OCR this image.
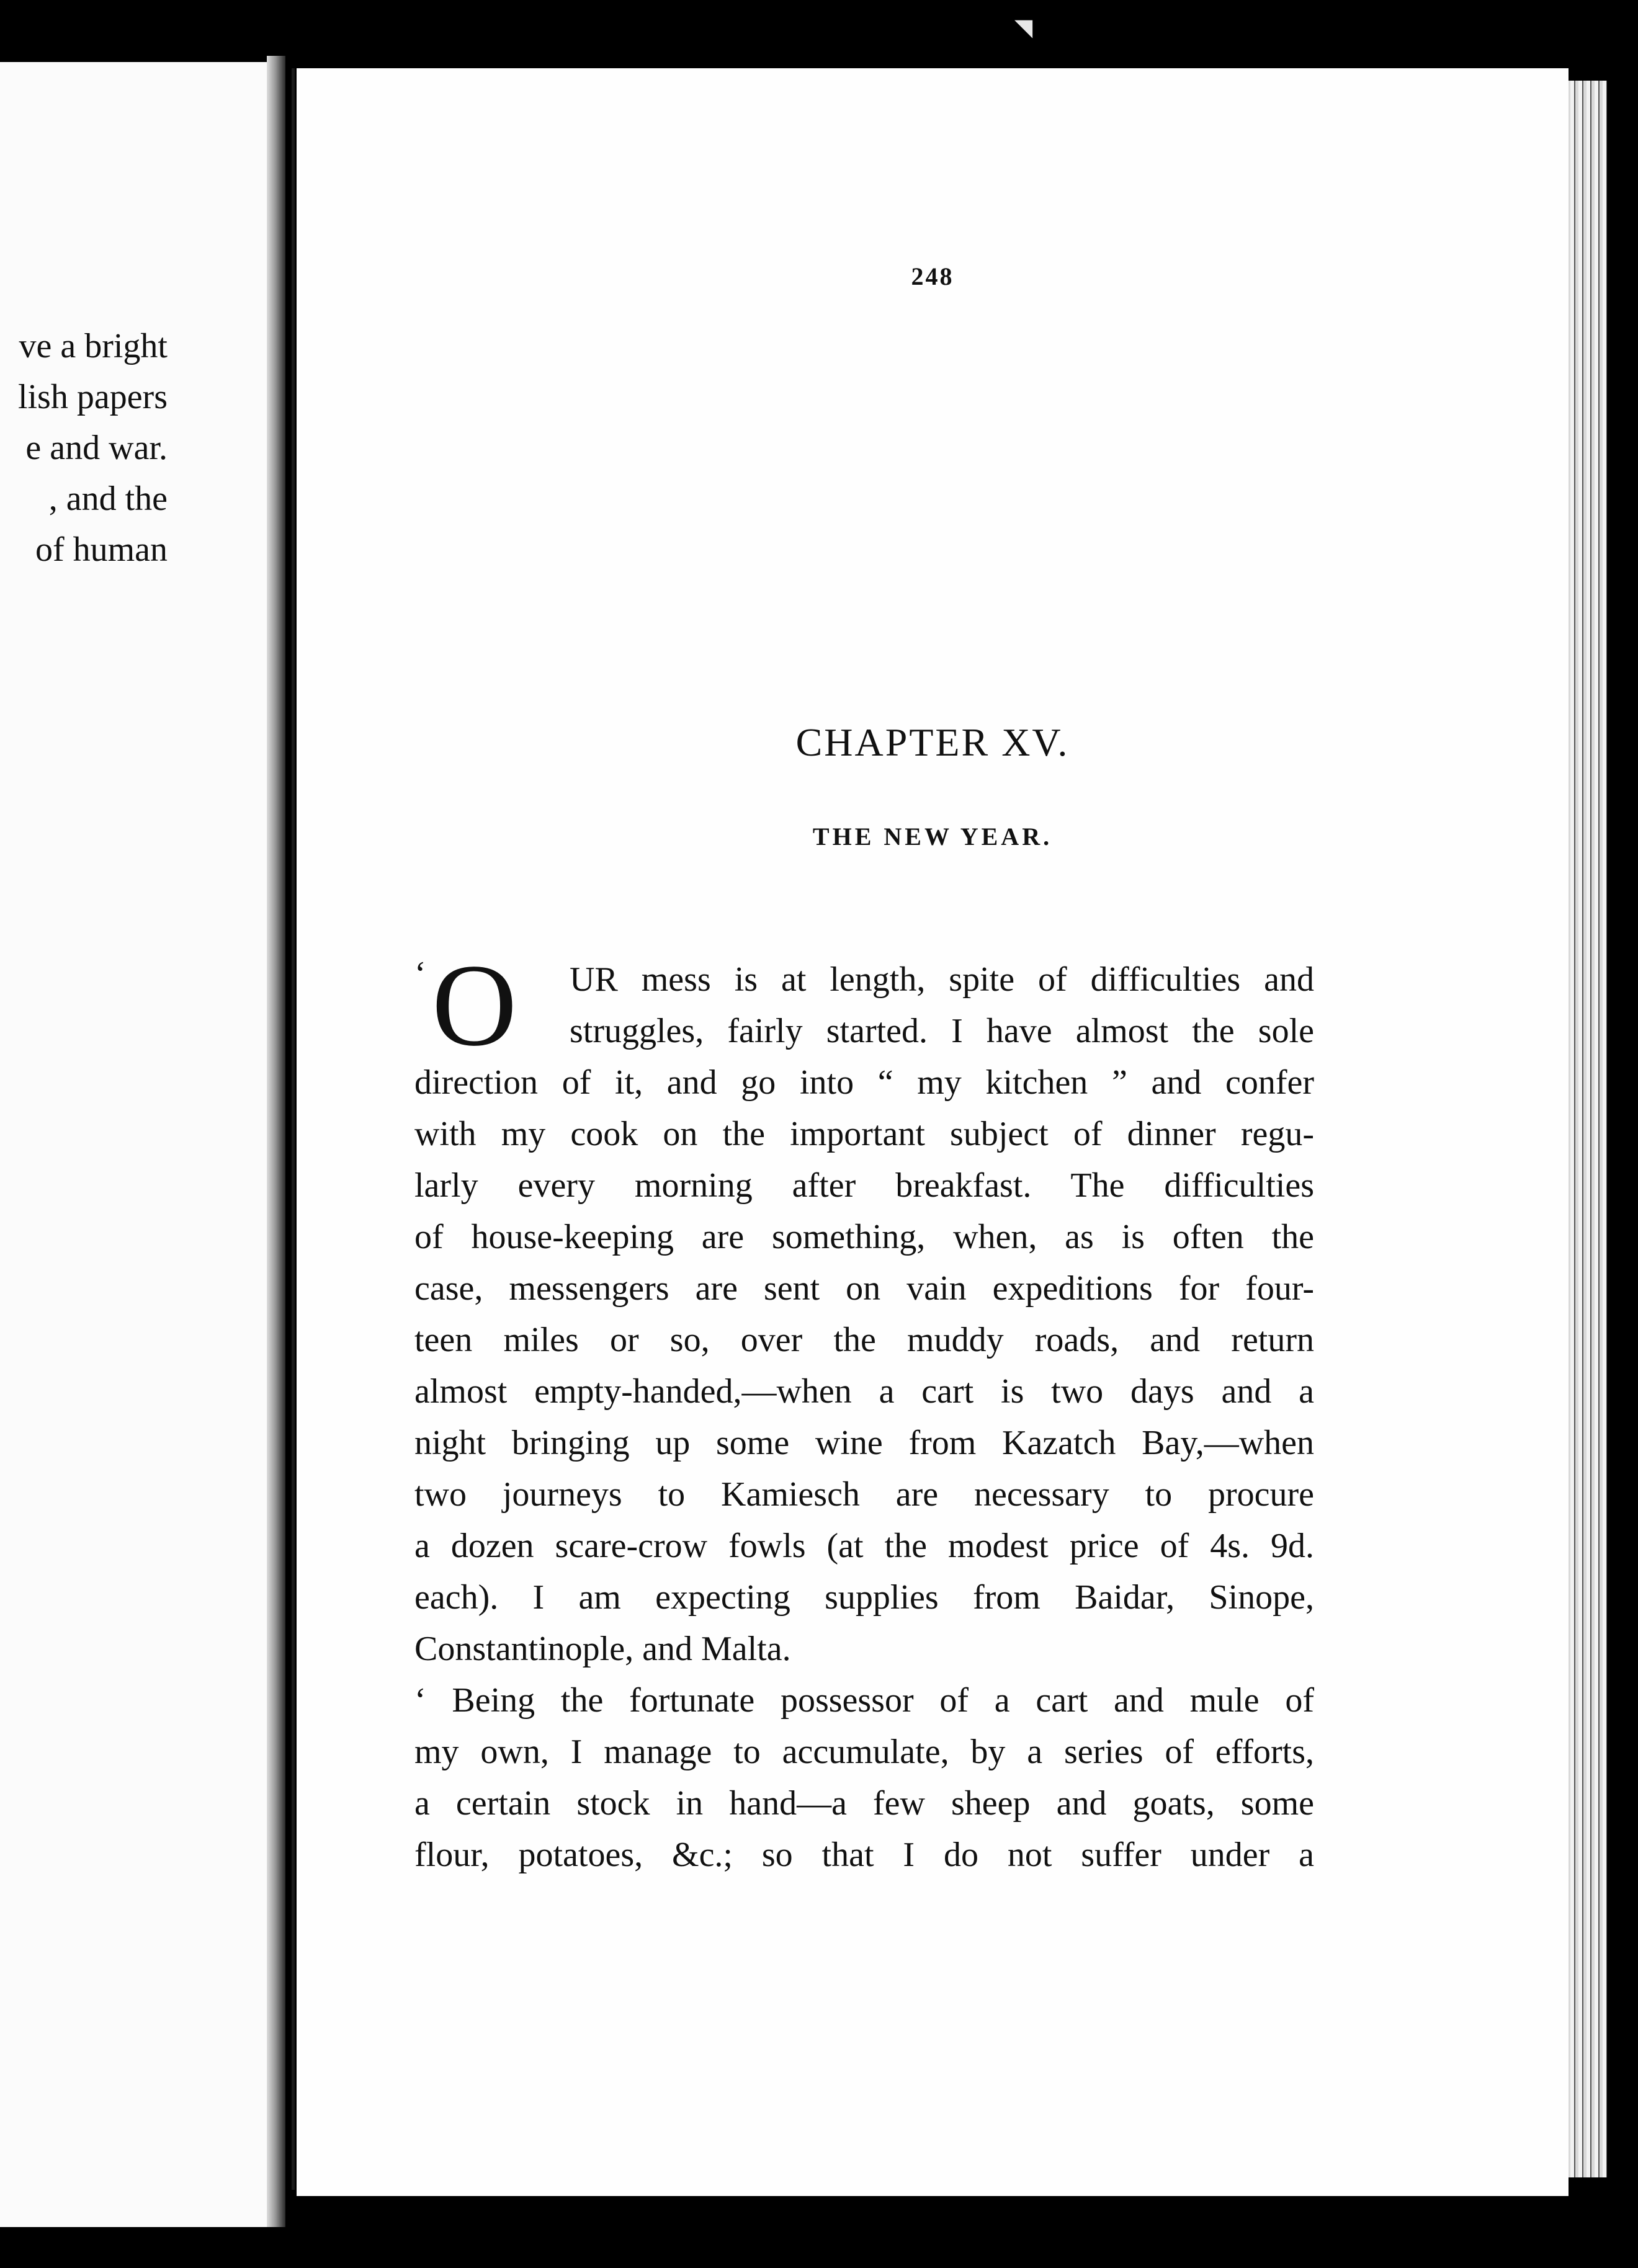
ve a bright
lish papers
e and war.
, and the
of human
248
CHAPTER XV.
THE NEW YEAR.
‘ O	UR mess is at length, spite of difficulties and
struggles, fairly started. I have almost the sole
direction of it, and go into “ my kitchen ” and confer
with my cook on the important subject of dinner regu-
larly every morning after breakfast. The difficulties
of house-keeping are something, when, as is often the
case, messengers are sent on vain expeditions for four-
teen miles or so, over the muddy roads, and return
almost empty-handed,—when a cart is two days and a
night bringing up some wine from Kazatch Bay,—when
two journeys to Kamiesch are necessary to procure
a dozen scare-crow fowls (at the modest price of 4s. 9d.
each). I am expecting supplies from Baidar, Sinope,
Constantinople, and Malta.
‘ Being the fortunate possessor of a cart and mule of
my own, I manage to accumulate, by a series of efforts,
a certain stock in hand—a few sheep and goats, some
flour, potatoes, &c.; so that I do not suffer under a
◥
